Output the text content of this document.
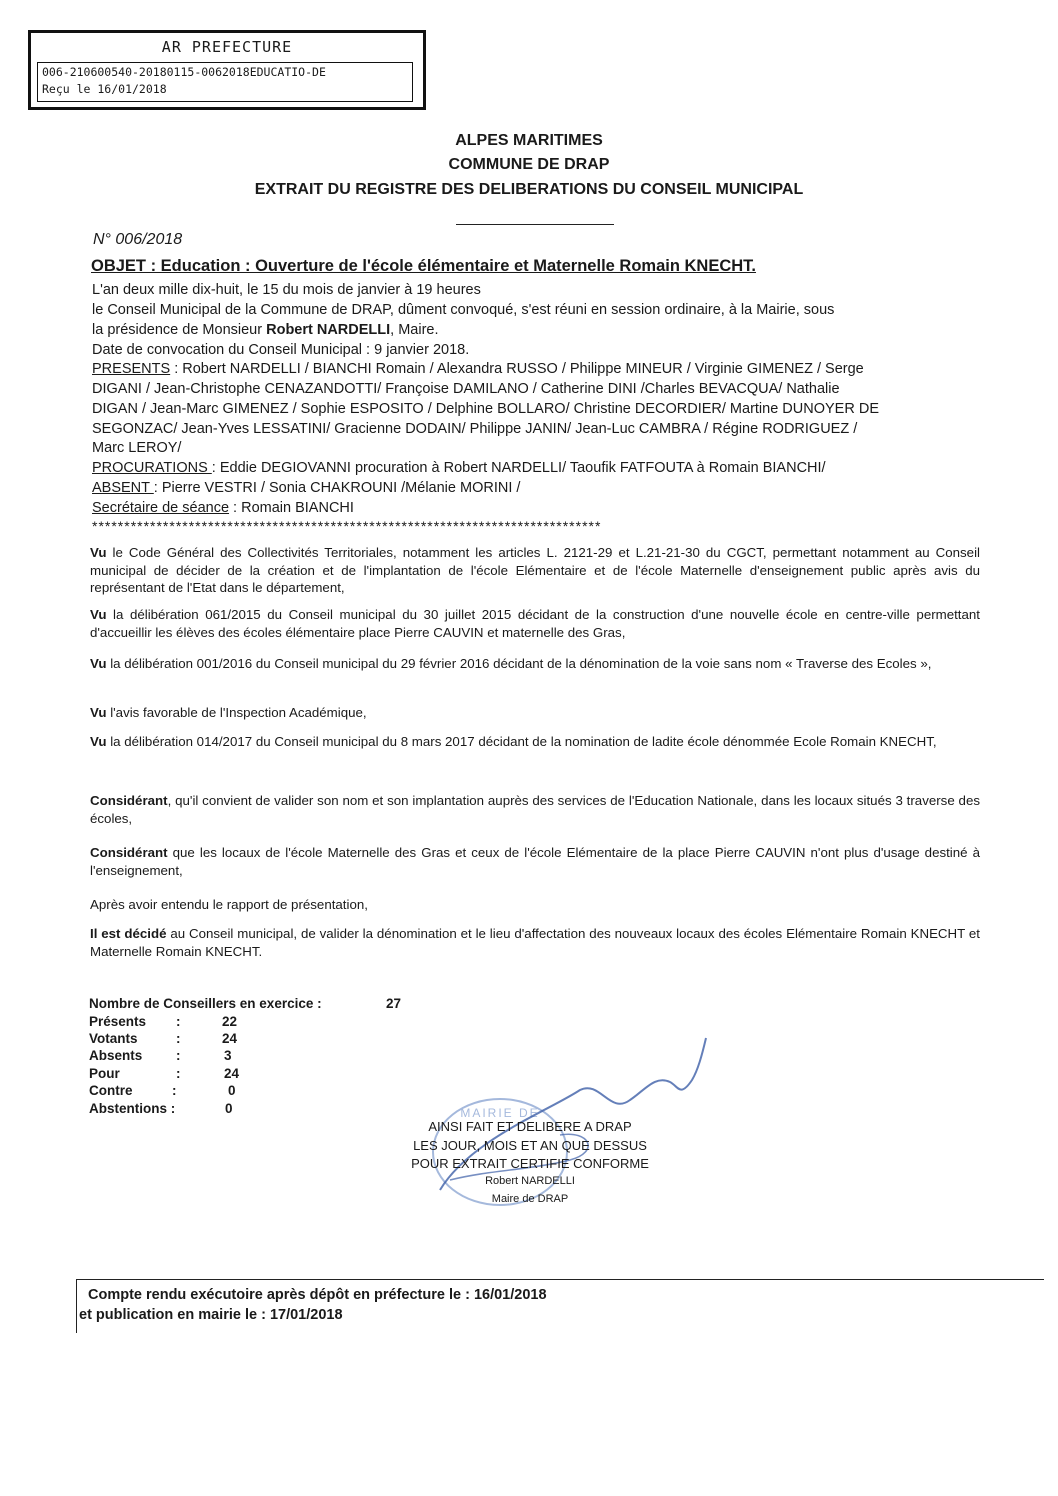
AR PREFECTURE
006-210600540-20180115-0062018EDUCATIO-DE
Reçu le 16/01/2018
ALPES MARITIMES
COMMUNE DE DRAP
EXTRAIT DU REGISTRE DES DELIBERATIONS DU CONSEIL MUNICIPAL
N° 006/2018
OBJET : Education : Ouverture de l'école élémentaire et Maternelle Romain KNECHT.
L'an deux mille dix-huit, le 15 du mois de janvier à 19 heures
le Conseil Municipal de la Commune de DRAP, dûment convoqué, s'est réuni en session ordinaire, à la Mairie, sous
la présidence de Monsieur Robert NARDELLI, Maire.
Date de convocation du Conseil Municipal : 9 janvier 2018.
PRESENTS : Robert NARDELLI / BIANCHI Romain / Alexandra RUSSO / Philippe MINEUR / Virginie GIMENEZ / Serge
DIGANI / Jean-Christophe CENAZANDOTTI/ Françoise DAMILANO / Catherine DINI /Charles BEVACQUA/ Nathalie
DIGAN / Jean-Marc GIMENEZ / Sophie ESPOSITO / Delphine BOLLARO/ Christine DECORDIER/ Martine DUNOYER DE
SEGONZAC/ Jean-Yves LESSATINI/ Gracienne DODAIN/ Philippe JANIN/ Jean-Luc CAMBRA / Régine RODRIGUEZ /
Marc LEROY/
PROCURATIONS : Eddie DEGIOVANNI procuration à Robert NARDELLI/ Taoufik FATFOUTA à Romain BIANCHI/
ABSENT : Pierre VESTRI / Sonia CHAKROUNI /Mélanie MORINI /
Secrétaire de séance : Romain BIANCHI
*******************************************************************************
Vu le Code Général des Collectivités Territoriales, notamment les articles L. 2121-29 et L.21-21-30 du CGCT, permettant notamment au Conseil municipal de décider de la création et de l'implantation de l'école Elémentaire et de l'école Maternelle d'enseignement public après avis du représentant de l'Etat dans le département,
Vu la délibération 061/2015 du Conseil municipal du 30 juillet 2015 décidant de la construction d'une nouvelle école en centre-ville permettant d'accueillir les élèves des écoles élémentaire place Pierre CAUVIN et maternelle des Gras,
Vu la délibération 001/2016 du Conseil municipal du 29 février 2016 décidant de la dénomination de la voie sans nom « Traverse des Ecoles »,
Vu l'avis favorable de l'Inspection Académique,
Vu la délibération 014/2017 du Conseil municipal du 8 mars 2017 décidant de la nomination de ladite école dénommée Ecole Romain KNECHT,
Considérant, qu'il convient de valider son nom et son implantation auprès des services de l'Education Nationale, dans les locaux situés 3 traverse des écoles,
Considérant que les locaux de l'école Maternelle des Gras et ceux de l'école Elémentaire de la place Pierre CAUVIN n'ont plus d'usage destiné à l'enseignement,
Après avoir entendu le rapport de présentation,
Il est décidé au Conseil municipal, de valider la dénomination et le lieu d'affectation des nouveaux locaux des écoles Elémentaire Romain KNECHT et Maternelle Romain KNECHT.
Nombre de Conseillers en exercice :	27
Présents :	22
Votants	:	24
Absents :	3
Pour	:	24
Contre	:	0
Abstentions :	0	MAIRIE DE
AINSI FAIT ET DELIBERE A DRAP
LES JOUR, MOIS ET AN QUE DESSUS
POUR EXTRAIT CERTIFIE CONFORME
Robert NARDELLI
Maire de DRAP
Compte rendu exécutoire après dépôt en préfecture le : 16/01/2018
et publication en mairie le : 17/01/2018
